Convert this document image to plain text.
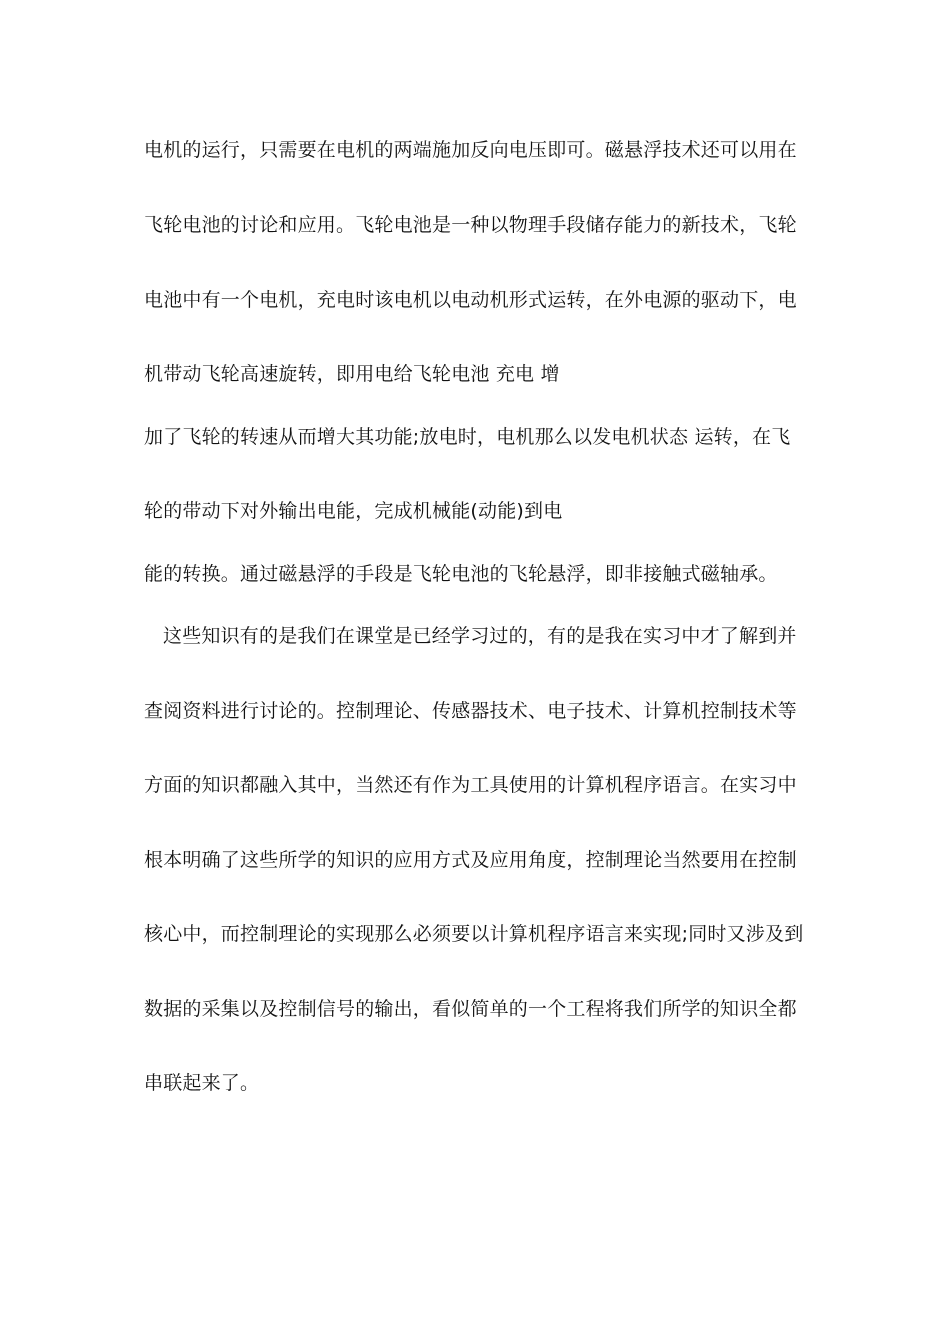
电机的运行，只需要在电机的两端施加反向电压即可。磁悬浮技术还可以用在
飞轮电池的讨论和应用。飞轮电池是一种以物理手段储存能力的新技术，飞轮
电池中有一个电机，充电时该电机以电动机形式运转，在外电源的驱动下，电
机带动飞轮高速旋转，即用电给飞轮电池 充电 增
加了飞轮的转速从而增大其功能;放电时，电机那么以发电机状态 运转，在飞
轮的带动下对外输出电能，完成机械能(动能)到电
能的转换。通过磁悬浮的手段是飞轮电池的飞轮悬浮，即非接触式磁轴承。
这些知识有的是我们在课堂是已经学习过的，有的是我在实习中才了解到并
查阅资料进行讨论的。控制理论、传感器技术、电子技术、计算机控制技术等
方面的知识都融入其中，当然还有作为工具使用的计算机程序语言。在实习中
根本明确了这些所学的知识的应用方式及应用角度，控制理论当然要用在控制
核心中，而控制理论的实现那么必须要以计算机程序语言来实现;同时又涉及到
数据的采集以及控制信号的输出，看似简单的一个工程将我们所学的知识全都
串联起来了。
